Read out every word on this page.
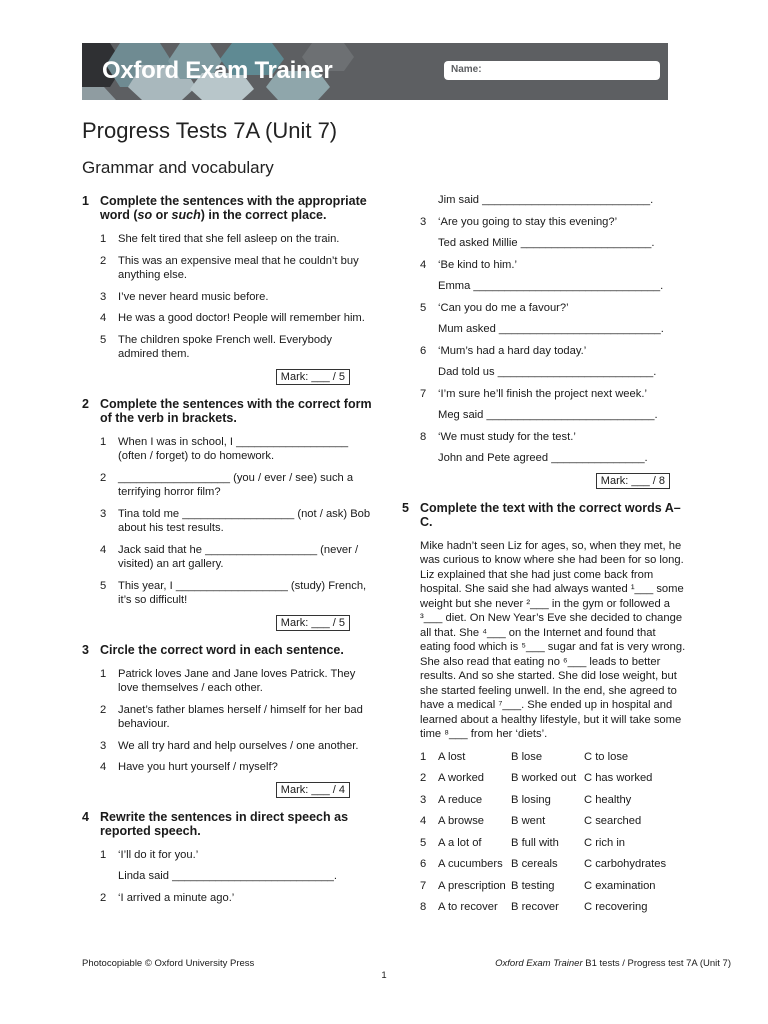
Oxford Exam Trainer	Name:
Progress Tests 7A (Unit 7)
Grammar and vocabulary
1 Complete the sentences with the appropriate word (so or such) in the correct place.
1	She felt tired that she fell asleep on the train.
2	This was an expensive meal that he couldn’t buy anything else.
3	I’ve never heard music before.
4	He was a good doctor! People will remember him.
5	The children spoke French well. Everybody admired them.
Mark: ___ / 5
2 Complete the sentences with the correct form of the verb in brackets.
1	When I was in school, I __________________ (often / forget) to do homework.
2	__________________ (you / ever / see) such a terrifying horror film?
3	Tina told me __________________ (not / ask) Bob about his test results.
4	Jack said that he __________________ (never / visited) an art gallery.
5	This year, I __________________ (study) French, it’s so difficult!
Mark: ___ / 5
3 Circle the correct word in each sentence.
1	Patrick loves Jane and Jane loves Patrick. They love themselves / each other.
2	Janet’s father blames herself / himself for her bad behaviour.
3	We all try hard and help ourselves / one another.
4	Have you hurt yourself / myself?
Mark: ___ / 4
4 Rewrite the sentences in direct speech as reported speech.
1	‘I’ll do it for you.’
Linda said __________________________.
2	‘I arrived a minute ago.’
Jim said ___________________________.
3	‘Are you going to stay this evening?’
Ted asked Millie _____________________.
4	‘Be kind to him.’
Emma ______________________________.
5	‘Can you do me a favour?’
Mum asked __________________________.
6	‘Mum’s had a hard day today.’
Dad told us _________________________.
7	‘I’m sure he’ll finish the project next week.’
Meg said ___________________________.
8	‘We must study for the test.’
John and Pete agreed _______________.
Mark: ___ / 8
5 Complete the text with the correct words A–C.
Mike hadn’t seen Liz for ages, so, when they met, he was curious to know where she had been for so long. Liz explained that she had just come back from hospital. She said she had always wanted ¹___ some weight but she never ²___ in the gym or followed a ³___ diet. On New Year’s Eve she decided to change all that. She ⁴___ on the Internet and found that eating food which is ⁵___ sugar and fat is very wrong. She also read that eating no ⁶___ leads to better results. And so she started. She did lose weight, but she started feeling unwell. In the end, she agreed to have a medical ⁷___. She ended up in hospital and learned about a healthy lifestyle, but it will take some time ⁸___ from her ‘diets’.
1	A lost	B lose	C to lose
2	A worked	B worked out C has worked
3	A reduce	B losing	C healthy
4	A browse	B went	C searched
5	A a lot of	B full with	C rich in
6	A cucumbers B cereals	C carbohydrates
7	A prescription B testing	C examination
8	A to recover	B recover	C recovering
Photocopiable © Oxford University Press	Oxford Exam Trainer B1 tests / Progress test 7A (Unit 7)
1
